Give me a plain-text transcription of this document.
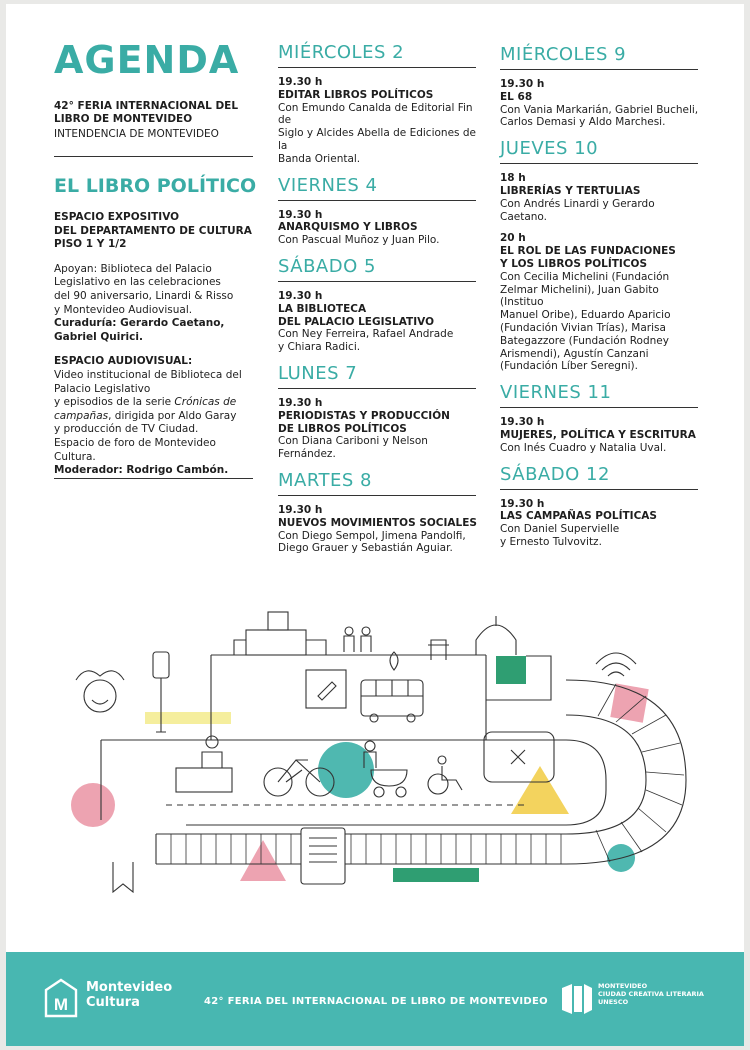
AGENDA
42° FERIA INTERNACIONAL DEL
LIBRO DE MONTEVIDEO
INTENDENCIA DE MONTEVIDEO
EL LIBRO POLÍTICO
ESPACIO EXPOSITIVO
DEL DEPARTAMENTO DE CULTURA
PISO 1 Y 1/2
Apoyan: Biblioteca del Palacio
Legislativo en las celebraciones
del 90 aniversario, Linardi & Risso
y Montevideo Audiovisual.
Curaduría: Gerardo Caetano,
Gabriel Quirici.
ESPACIO AUDIOVISUAL:
Video institucional de Biblioteca del
Palacio Legislativo
y episodios de la serie Crónicas de
campañas, dirigida por Aldo Garay
y producción de TV Ciudad.
Espacio de foro de Montevideo Cultura.
Moderador: Rodrigo Cambón.
MIÉRCOLES 2
19.30 h
EDITAR LIBROS POLÍTICOS
Con Emundo Canalda de Editorial Fin de
Siglo y Alcides Abella de Ediciones de la
Banda Oriental.
VIERNES 4
19.30 h
ANARQUISMO Y LIBROS
Con Pascual Muñoz y Juan Pilo.
SÁBADO 5
19.30 h
LA BIBLIOTECA
DEL PALACIO LEGISLATIVO
Con Ney Ferreira, Rafael Andrade
y Chiara Radici.
LUNES 7
19.30 h
PERIODISTAS Y PRODUCCIÓN
DE LIBROS POLÍTICOS
Con Diana Cariboni y Nelson Fernández.
MARTES 8
19.30 h
NUEVOS MOVIMIENTOS SOCIALES
Con Diego Sempol, Jimena Pandolfi,
Diego Grauer y Sebastián Aguiar.
MIÉRCOLES 9
19.30 h
EL 68
Con Vania Markarián, Gabriel Bucheli,
Carlos Demasi y Aldo Marchesi.
JUEVES 10
18 h
LIBRERÍAS Y TERTULIAS
Con Andrés Linardi y Gerardo Caetano.
20 h
EL ROL DE LAS FUNDACIONES
Y LOS LIBROS POLÍTICOS
Con Cecilia Michelini (Fundación
Zelmar Michelini), Juan Gabito (Instituo
Manuel Oribe), Eduardo Aparicio
(Fundación Vivian Trías), Marisa
Bategazzore (Fundación Rodney
Arismendi), Agustín Canzani
(Fundación Líber Seregni).
VIERNES 11
19.30 h
MUJERES, POLÍTICA Y ESCRITURA
Con Inés Cuadro y Natalia Uval.
SÁBADO 12
19.30 h
LAS CAMPAÑAS POLÍTICAS
Con Daniel Supervielle
y Ernesto Tulvovitz.
M
Montevideo
Cultura	42° FERIA DEL INTERNACIONAL DE LIBRO DE MONTEVIDEO
MONTEVIDEO
CIUDAD CREATIVA LITERARIA
UNESCO
